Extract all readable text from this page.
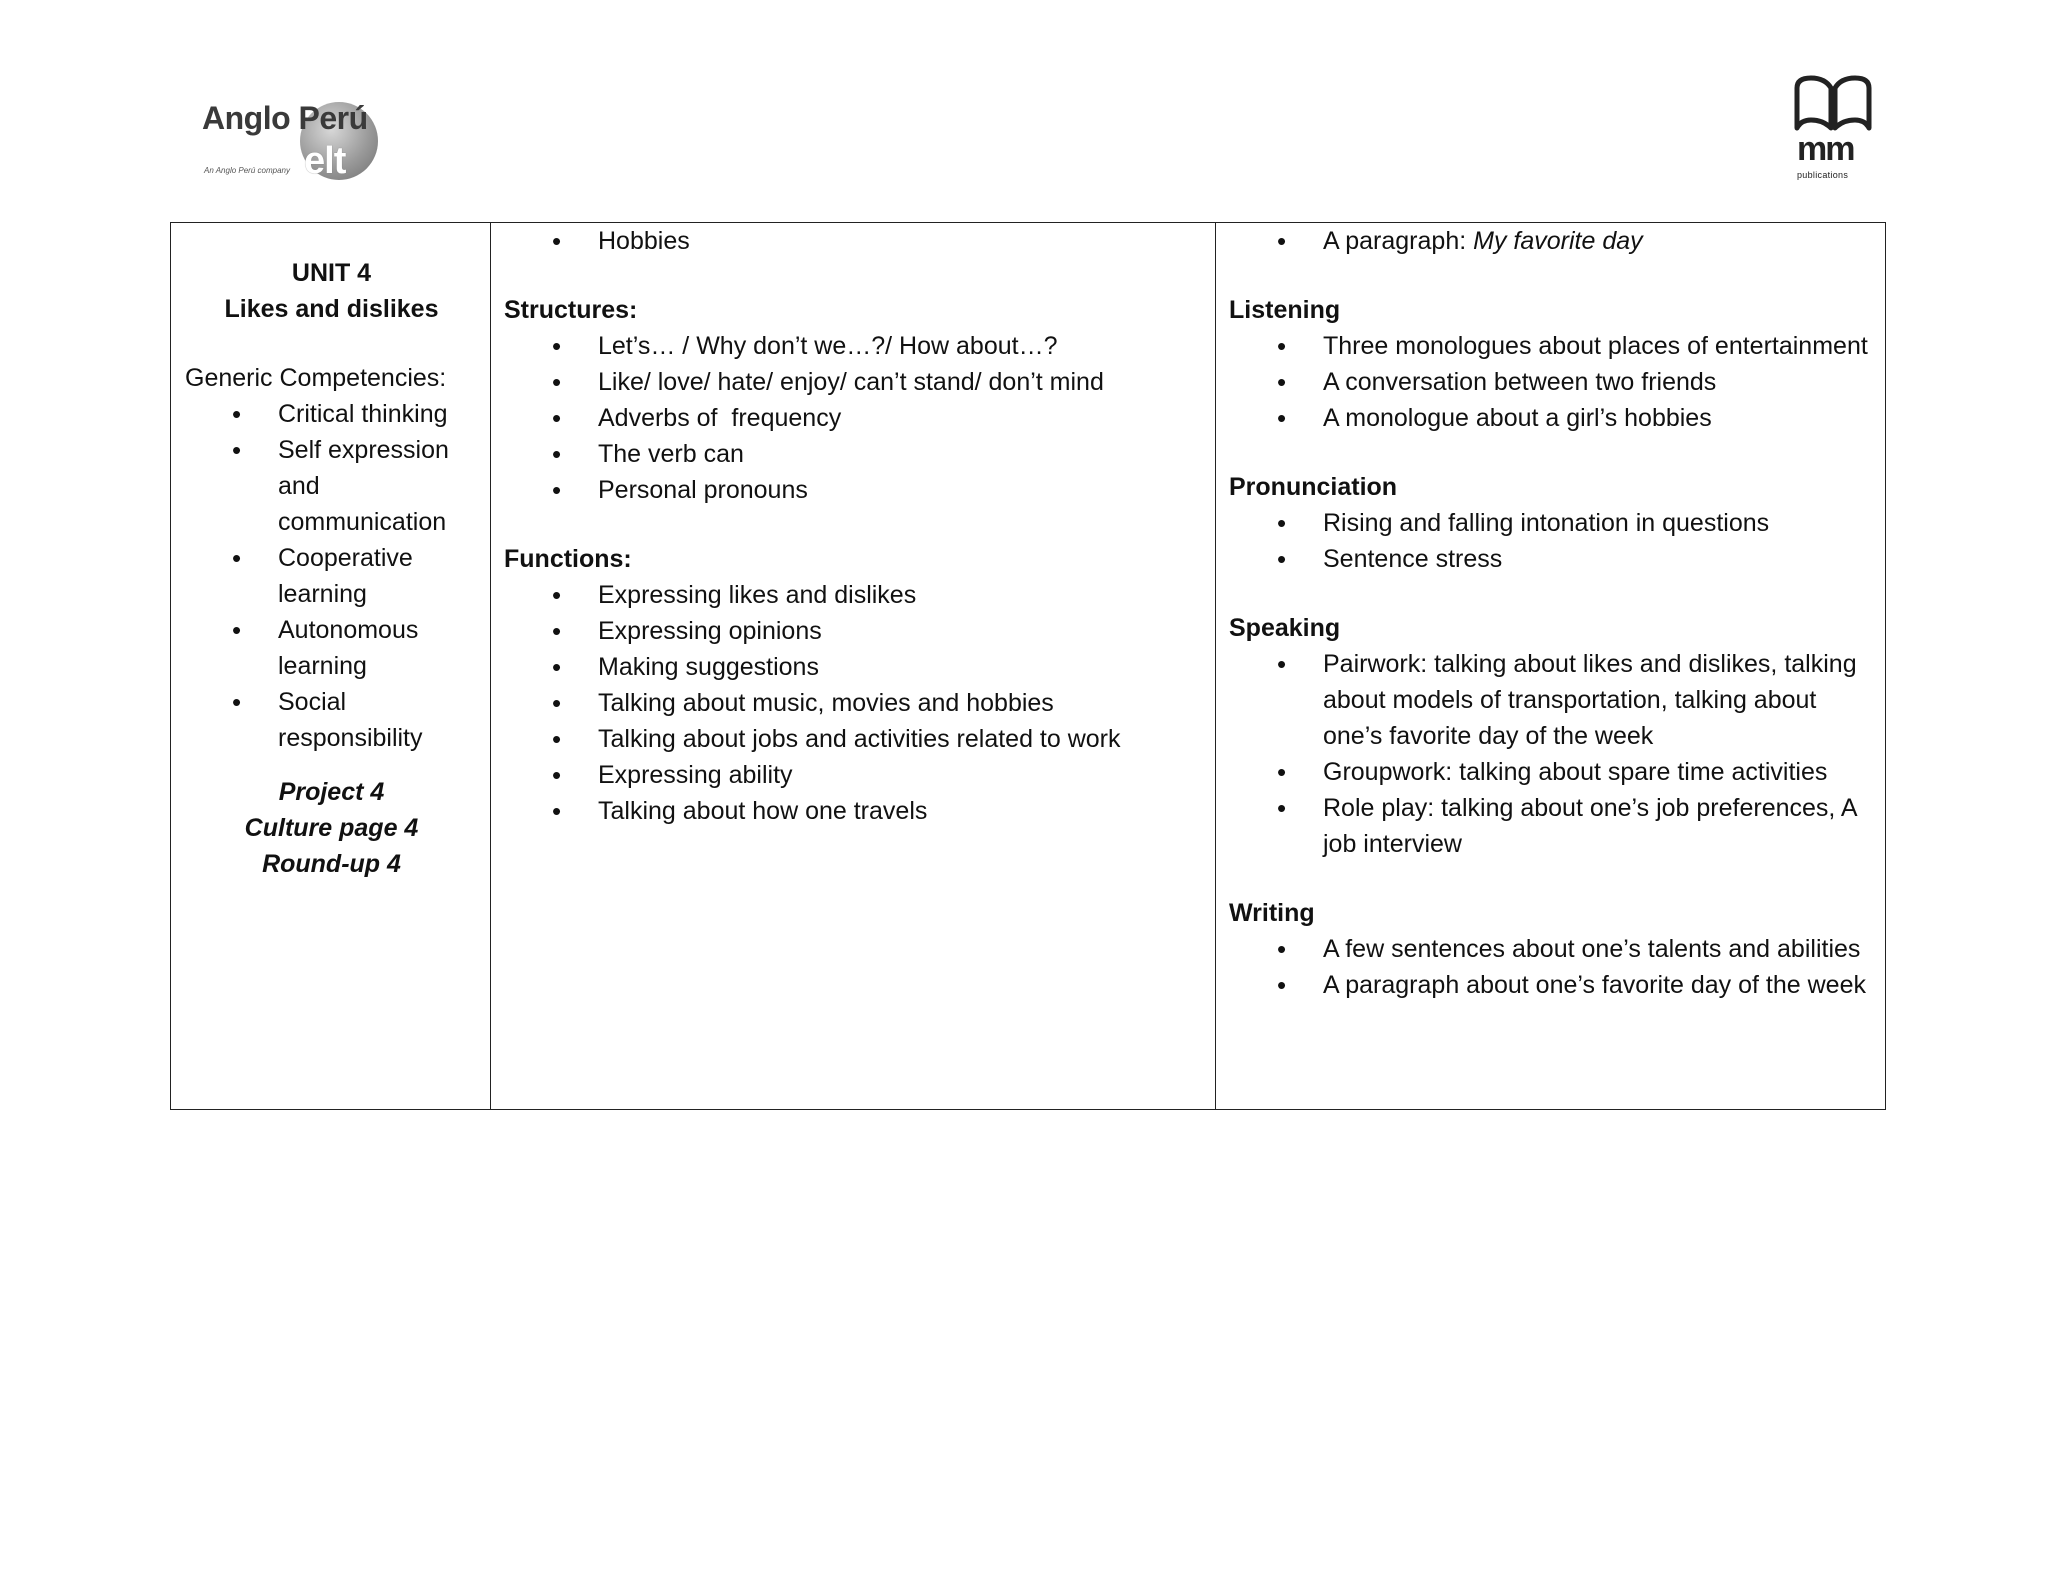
Anglo Perú
elt
An Anglo Perú company
mm
publications
UNIT 4
Likes and dislikes
Generic Competencies:
• Critical thinking
• Self expression and communication
• Cooperative learning
• Autonomous learning
• Social responsibility
Project 4
Culture page 4
Round-up 4
• Hobbies
Structures:
• Let’s… / Why don’t we…?/ How about…?
• Like/ love/ hate/ enjoy/ can’t stand/ don’t mind
• Adverbs of  frequency
• The verb can
• Personal pronouns
Functions:
• Expressing likes and dislikes
• Expressing opinions
• Making suggestions
• Talking about music, movies and hobbies
• Talking about jobs and activities related to work
• Expressing ability
• Talking about how one travels
• A paragraph: My favorite day
Listening
• Three monologues about places of entertainment
• A conversation between two friends
• A monologue about a girl’s hobbies
Pronunciation
• Rising and falling intonation in questions
• Sentence stress
Speaking
• Pairwork: talking about likes and dislikes, talking about models of transportation, talking about one’s favorite day of the week
• Groupwork: talking about spare time activities
• Role play: talking about one’s job preferences, A job interview
Writing
• A few sentences about one’s talents and abilities
• A paragraph about one’s favorite day of the week
